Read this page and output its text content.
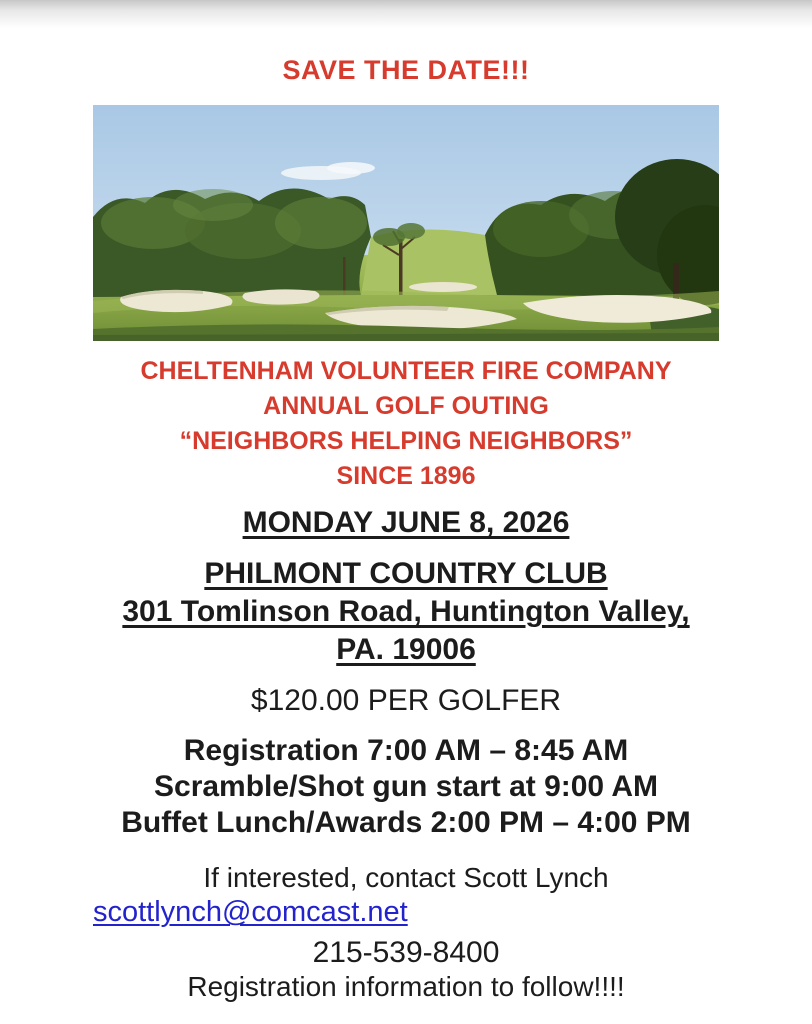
SAVE THE DATE!!!
CHELTENHAM VOLUNTEER FIRE COMPANY
ANNUAL GOLF OUTING
“NEIGHBORS HELPING NEIGHBORS”
SINCE 1896
MONDAY JUNE 8, 2026
PHILMONT COUNTRY CLUB
301 Tomlinson Road, Huntington Valley,
PA. 19006
$120.00 PER GOLFER
Registration 7:00 AM – 8:45 AM
Scramble/Shot gun start at 9:00 AM
Buffet Lunch/Awards 2:00 PM – 4:00 PM
If interested, contact Scott Lynch
scottlynch@comcast.net
215-539-8400
Registration information to follow!!!!
